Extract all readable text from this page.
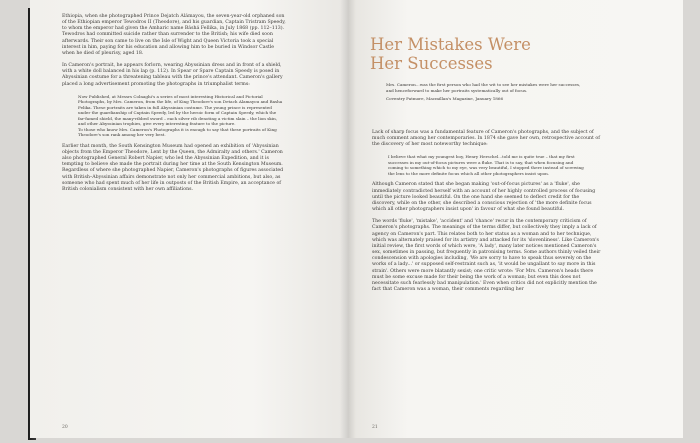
Ethiopia, when she photographed Prince Dejatch Alámayou, the seven-year-old orphaned son of the Ethiopian emperor Tewodros II (Theodore), and his guardian, Captain Tristram Speedy, to whom the emperor had given the Amharic name Báshá Fellika, in July 1868 (pp. 112–113). Tewodros had committed suicide rather than surrender to the British; his wife died soon afterwards. Their son came to live on the Isle of Wight and Queen Victoria took a special interest in him, paying for his education and allowing him to be buried in Windsor Castle when he died of pleurisy, aged 18.

In Cameron's portrait, he appears forlorn, wearing Abyssinian dress and in front of a shield, with a white doll balanced in his lap (p. 112). In Spear or Spare Captain Speedy is posed in Abyssinian costume for a threatening tableau with the prince's attendant. Cameron's gallery placed a long advertisement promoting the photographs in triumphalist terms:

Now Published, at Messrs Colnaghi's a series of most interesting Historical and Pictorial Photographs, by Mrs. Cameron, from the life, of King Theodore's son Detach Alamayou and Basha Felika. These portraits are taken in full Abyssinian costume. The young prince is represented under the guardianship of Captain Speedy, led by the heroic form of Captain Speedy, which the far-famed shield, the many-ribbed sword – each silver rib denoting a victim slain – the lion skin, and other Abyssinian trophies, give every interesting feature to the picture.

To those who know Mrs. Cameron's Photographs it is enough to say that these portraits of King Theodore's son rank among her very best.

Earlier that month, the South Kensington Museum had opened an exhibition of 'Abyssinian objects from the Emperor Theodore, Lent by the Queen, the Admiralty and others.' Cameron also photographed General Robert Napier, who led the Abyssinian Expedition, and it is tempting to believe she made the portrait during her time at the South Kensington Museum. Regardless of where she photographed Napier, Cameron's photographs of figures associated with British–Abyssinian affairs demonstrate not only her commercial ambitions, but also, as someone who had spent much of her life in outposts of the British Empire, an acceptance of British colonialism consistent with her own affiliations.

20
Her Mistakes Were
Her Successes

Mrs. Cameron...was the first person who had the wit to see her mistakes were her successes, and henceforward to make her portraits systematically out of focus.

Coventry Patmore, Macmillan's Magazine, January 1866

Lack of sharp focus was a fundamental feature of Cameron's photographs, and the subject of much comment among her contemporaries. In 1874 she gave her own, retrospective account of the discovery of her most noteworthy technique:

I believe that what my youngest boy, Henry Herschel...told me is quite true – that my first successes in my out-of-focus pictures were a fluke. That is to say, that when focusing and coming to something which to my eye, was very beautiful, I stopped there instead of screwing the lens to the more definite focus which all other photographers insist upon.

Although Cameron stated that she began making 'out-of-focus pictures' as a 'fluke', she immediately contradicted herself with an account of her highly controlled process of focusing until the picture looked beautiful. On the one hand she seemed to deflect credit for the discovery, while on the other, she described a conscious rejection of 'the more definite focus which all other photographers insist upon' in favour of what she found beautiful.

The words 'fluke', 'mistake', 'accident' and 'chance' recur in the contemporary criticism of Cameron's photographs. The meanings of the terms differ, but collectively they imply a lack of agency on Cameron's part. This relates both to her status as a woman and to her technique, which was alternately praised for its artistry and attacked for its 'slovenliness'. Like Cameron's initial review, the first words of which were, 'A lady', many later notices mentioned Cameron's sex, sometimes in passing, but frequently in patronising terms. Some authors thinly veiled their condescension with apologies including, 'We are sorry to have to speak thus severely on the works of a lady...' or supposed self-restraint such as, 'it would be ungallant to say more in this strain'. Others were more blatantly sexist; one critic wrote: 'For Mrs. Cameron's heads there must be some excuse made for their being the work of a woman; but even this does not necessitate such fearlessly bad manipulation.' Even when critics did not explicitly mention the fact that Cameron was a woman, their comments regarding her

21
